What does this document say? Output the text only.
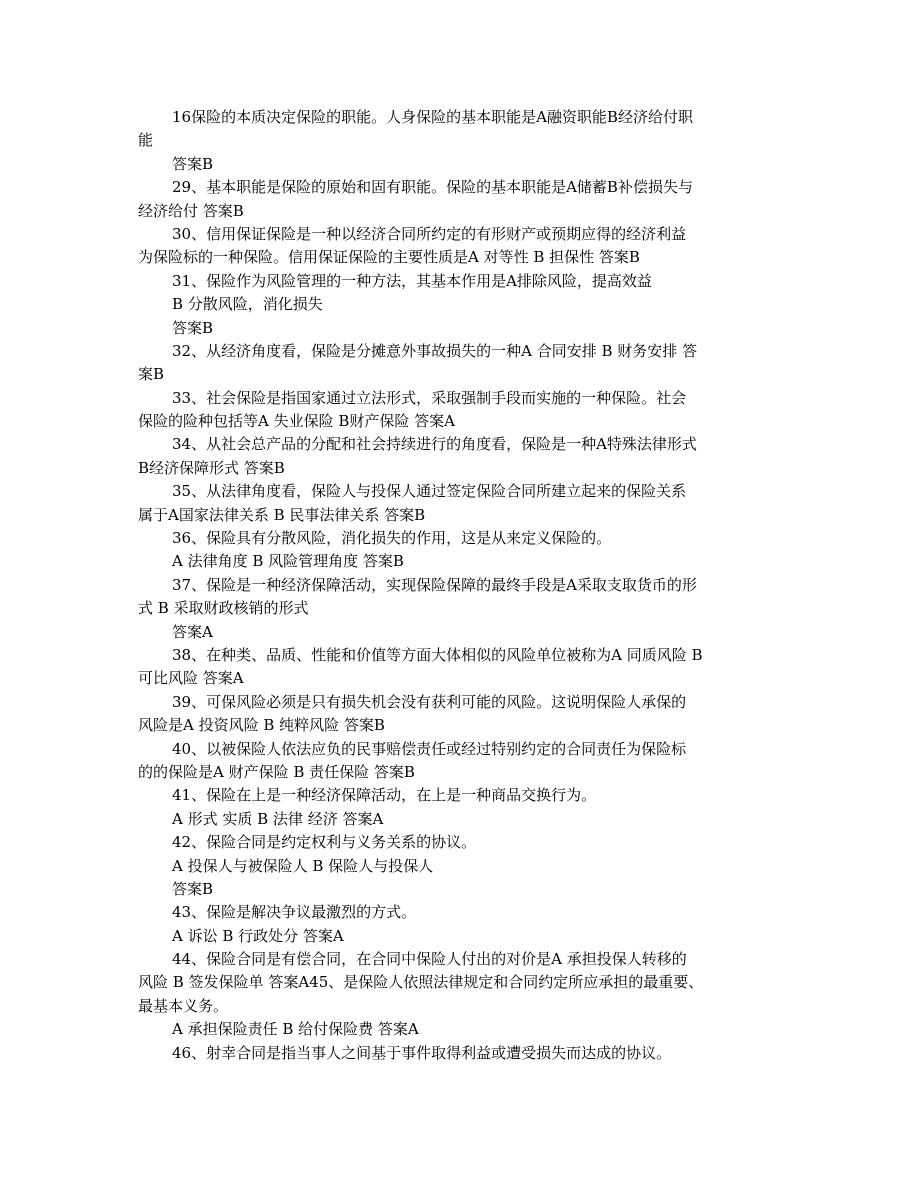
16保险的本质决定保险的职能。人身保险的基本职能是A融资职能B经济给付职
能
答案B
29、基本职能是保险的原始和固有职能。保险的基本职能是A储蓄B补偿损失与
经济给付 答案B
30、信用保证保险是一种以经济合同所约定的有形财产或预期应得的经济利益
为保险标的一种保险。信用保证保险的主要性质是A 对等性 B 担保性 答案B
31、保险作为风险管理的一种方法，其基本作用是A排除风险，提高效益
B 分散风险，消化损失
答案B
32、从经济角度看，保险是分摊意外事故损失的一种A 合同安排 B 财务安排 答
案B
33、社会保险是指国家通过立法形式，采取强制手段而实施的一种保险。社会
保险的险种包括等A 失业保险 B财产保险 答案A
34、从社会总产品的分配和社会持续进行的角度看，保险是一种A特殊法律形式
B经济保障形式 答案B
35、从法律角度看，保险人与投保人通过签定保险合同所建立起来的保险关系
属于A国家法律关系 B 民事法律关系 答案B
36、保险具有分散风险，消化损失的作用，这是从来定义保险的。
A 法律角度 B 风险管理角度 答案B
37、保险是一种经济保障活动，实现保险保障的最终手段是A采取支取货币的形
式 B 采取财政核销的形式
答案A
38、在种类、品质、性能和价值等方面大体相似的风险单位被称为A 同质风险 B
可比风险 答案A
39、可保风险必须是只有损失机会没有获利可能的风险。这说明保险人承保的
风险是A 投资风险 B 纯粹风险 答案B
40、以被保险人依法应负的民事赔偿责任或经过特别约定的合同责任为保险标
的的保险是A 财产保险 B 责任保险 答案B
41、保险在上是一种经济保障活动，在上是一种商品交换行为。
A 形式 实质 B 法律 经济 答案A
42、保险合同是约定权利与义务关系的协议。
A 投保人与被保险人 B 保险人与投保人
答案B
43、保险是解决争议最激烈的方式。
A 诉讼 B 行政处分 答案A
44、保险合同是有偿合同，在合同中保险人付出的对价是A 承担投保人转移的
风险 B 签发保险单 答案A45、是保险人依照法律规定和合同约定所应承担的最重要、
最基本义务。
A 承担保险责任 B 给付保险费 答案A
46、射幸合同是指当事人之间基于事件取得利益或遭受损失而达成的协议。
